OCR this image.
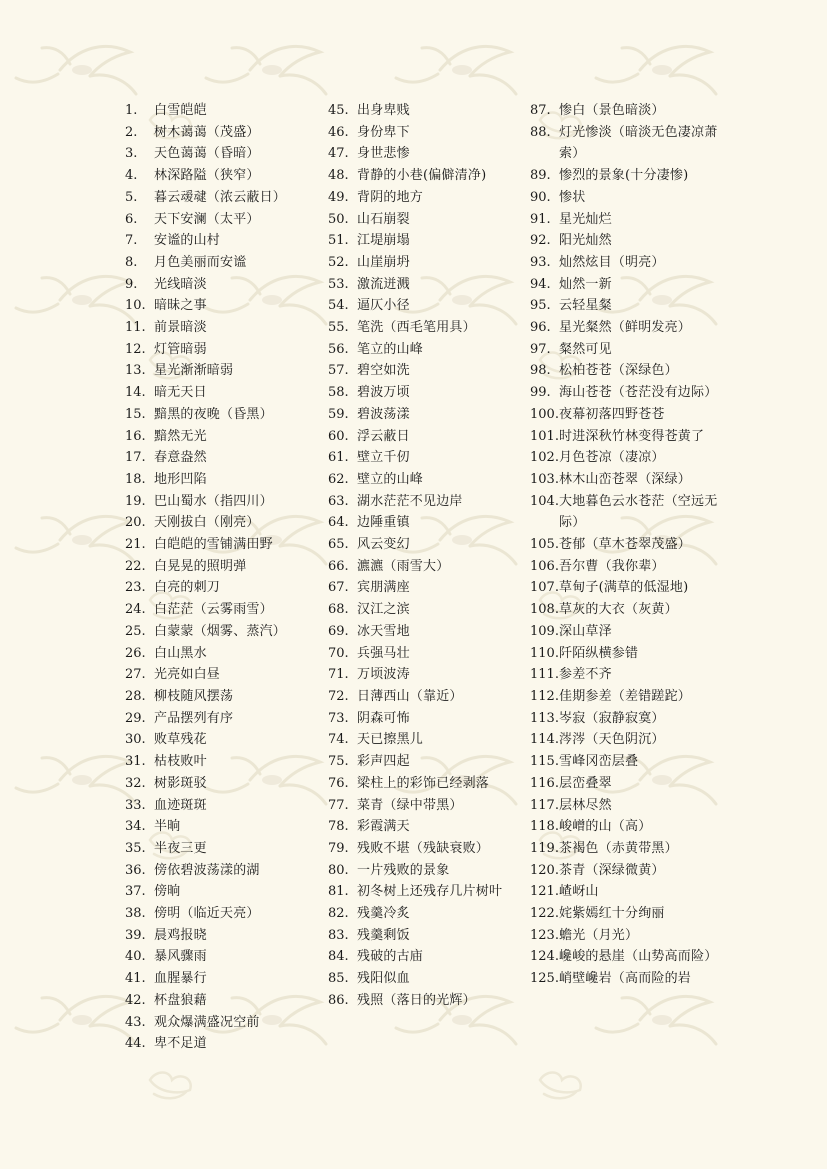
1.	白雪皑皑
2.	树木蔼蔼（茂盛）
3.	天色蔼蔼（昏暗）
4.	林深路隘（狭窄）
5.	暮云叆叇（浓云蔽日）
6.	天下安澜（太平）
7.	安谧的山村
8.	月色美丽而安谧
9.	光线暗淡
10. 暗昧之事
11. 前景暗淡
12. 灯管暗弱
13. 星光渐渐暗弱
14. 暗无天日
15. 黯黑的夜晚（昏黑）
16. 黯然无光
17. 春意盎然
18. 地形凹陷
19. 巴山蜀水（指四川）
20. 天刚拔白（刚亮）
21. 白皑皑的雪铺满田野
22. 白晃晃的照明弹
23. 白亮的刺刀
24. 白茫茫（云雾雨雪）
25. 白蒙蒙（烟雾、蒸汽）
26. 白山黑水
27. 光亮如白昼
28. 柳枝随风摆荡
29. 产品摆列有序
30. 败草残花
31. 枯枝败叶
32. 树影斑驳
33. 血迹斑斑
34. 半晌
35. 半夜三更
36. 傍依碧波荡漾的湖
37. 傍晌
38. 傍明（临近天亮）
39. 晨鸡报晓
40. 暴风骤雨
41. 血腥暴行
42. 杯盘狼藉
43. 观众爆满盛况空前
44. 卑不足道
45. 出身卑贱
46. 身份卑下
47. 身世悲惨
48. 背静的小巷(偏僻清净)
49. 背阴的地方
50. 山石崩裂
51. 江堤崩塌
52. 山崖崩坍
53. 激流迸溅
54. 逼仄小径
55. 笔洗（西毛笔用具）
56. 笔立的山峰
57. 碧空如洗
58. 碧波万顷
59. 碧波荡漾
60. 浮云蔽日
61. 壁立千仞
62. 壁立的山峰
63. 湖水茫茫不见边岸
64. 边陲重镇
65. 风云变幻
66. 瀌瀌（雨雪大）
67. 宾朋满座
68. 汉江之滨
69. 冰天雪地
70. 兵强马壮
71. 万顷波涛
72. 日薄西山（靠近）
73. 阴森可怖
74. 天已擦黑儿
75. 彩声四起
76. 梁柱上的彩饰已经剥落
77. 菜青（绿中带黑）
78. 彩霞满天
79. 残败不堪（残缺衰败）
80. 一片残败的景象
81. 初冬树上还残存几片树叶
82. 残羹冷炙
83. 残羹剩饭
84. 残破的古庙
85. 残阳似血
86. 残照（落日的光辉）
87. 惨白（景色暗淡）
88. 灯光惨淡（暗淡无色凄凉萧索）
89. 惨烈的景象(十分凄惨)
90. 惨状
91. 星光灿烂
92. 阳光灿然
93. 灿然炫目（明亮）
94. 灿然一新
95. 云轻星粲
96. 星光粲然（鲜明发亮）
97. 粲然可见
98. 松柏苍苍（深绿色）
99. 海山苍苍（苍茫没有边际）
100. 夜幕初落四野苍苍
101. 时进深秋竹林变得苍黄了
102. 月色苍凉（凄凉）
103. 林木山峦苍翠（深绿）
104. 大地暮色云水苍茫（空远无际）
105. 苍郁（草木苍翠茂盛）
106. 吾尔曹（我你辈）
107. 草甸子(满草的低湿地)
108. 草灰的大衣（灰黄）
109. 深山草泽
110. 阡陌纵横参错
111. 参差不齐
112. 佳期参差（差错蹉跎）
113. 岑寂（寂静寂寞）
114. 涔涔（天色阴沉）
115. 雪峰冈峦层叠
116. 层峦叠翠
117. 层林尽然
118. 峻嶒的山（高）
119. 茶褐色（赤黄带黑）
120. 茶青（深绿微黄）
121. 嵖岈山
122. 姹紫嫣红十分绚丽
123. 蟾光（月光）
124. 巉峻的悬崖（山势高而险）
125. 峭壁巉岩（高而险的岩
